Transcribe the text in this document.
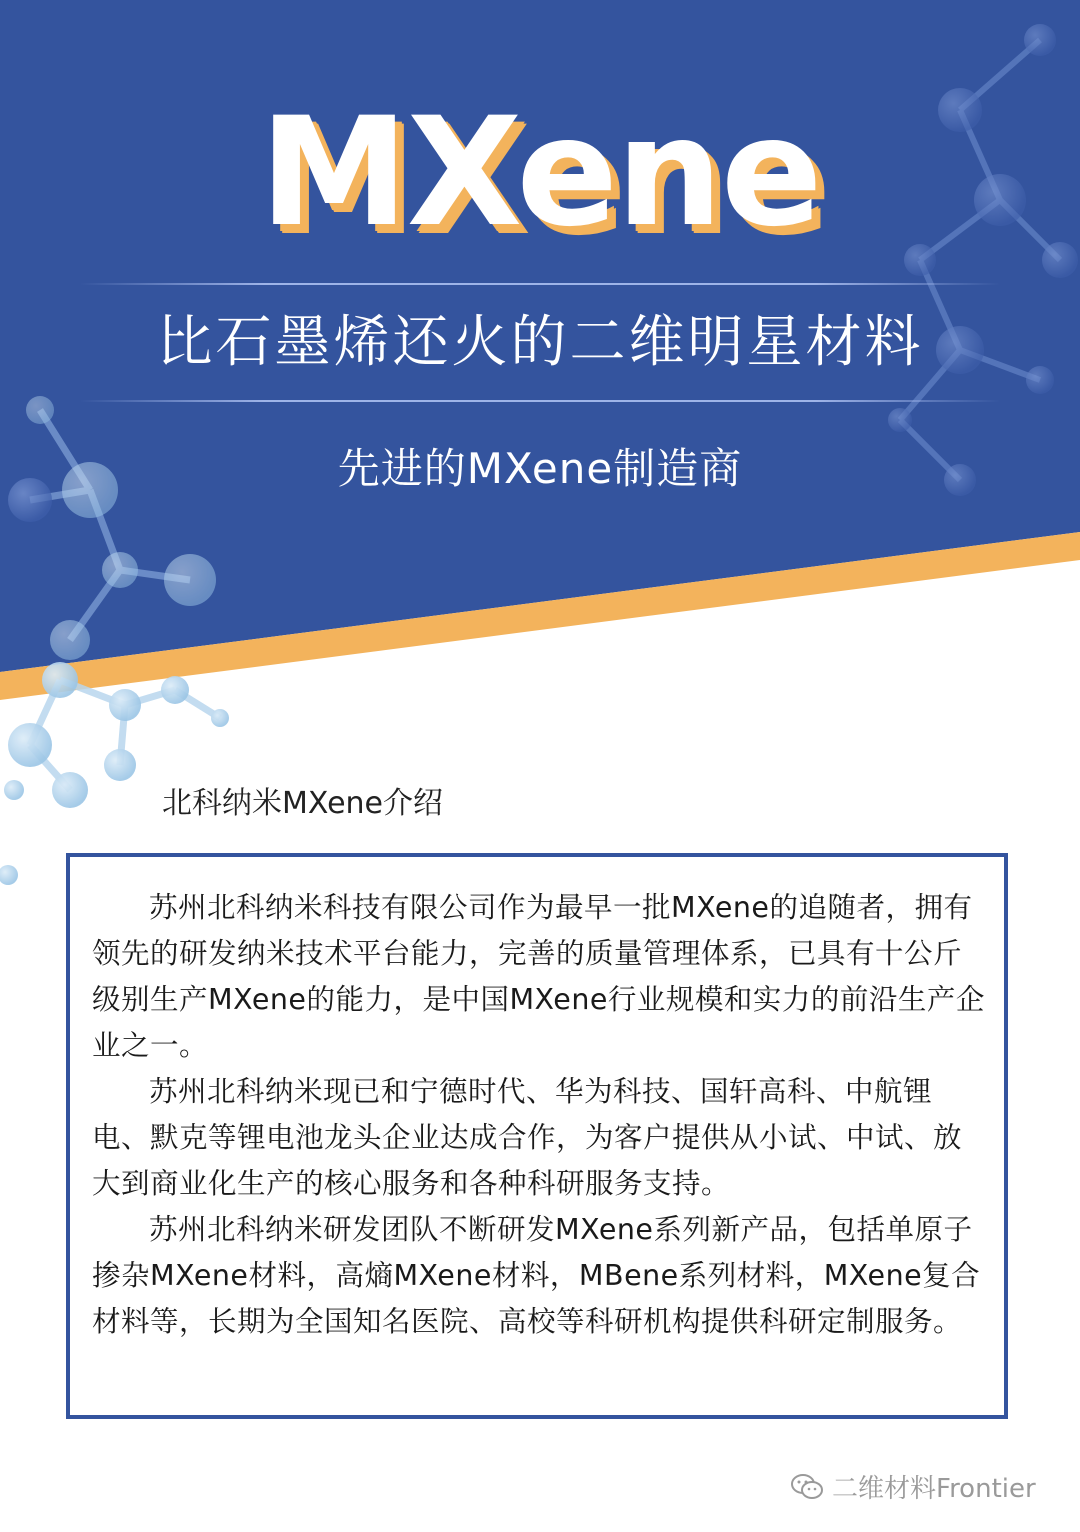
MXene
比石墨烯还火的二维明星材料
先进的MXene制造商
北科纳米MXene介绍

苏州北科纳米科技有限公司作为最早一批MXene的追随者，拥有领先的研发纳米技术平台能力，完善的质量管理体系，已具有十公斤级别生产MXene的能力，是中国MXene行业规模和实力的前沿生产企业之一。

苏州北科纳米现已和宁德时代、华为科技、国轩高科、中航锂电、默克等锂电池龙头企业达成合作，为客户提供从小试、中试、放大到商业化生产的核心服务和各种科研服务支持。

苏州北科纳米研发团队不断研发MXene系列新产品，包括单原子掺杂MXene材料，高熵MXene材料，MBene系列材料，MXene复合材料等，长期为全国知名医院、高校等科研机构提供科研定制服务。

二维材料Frontier
